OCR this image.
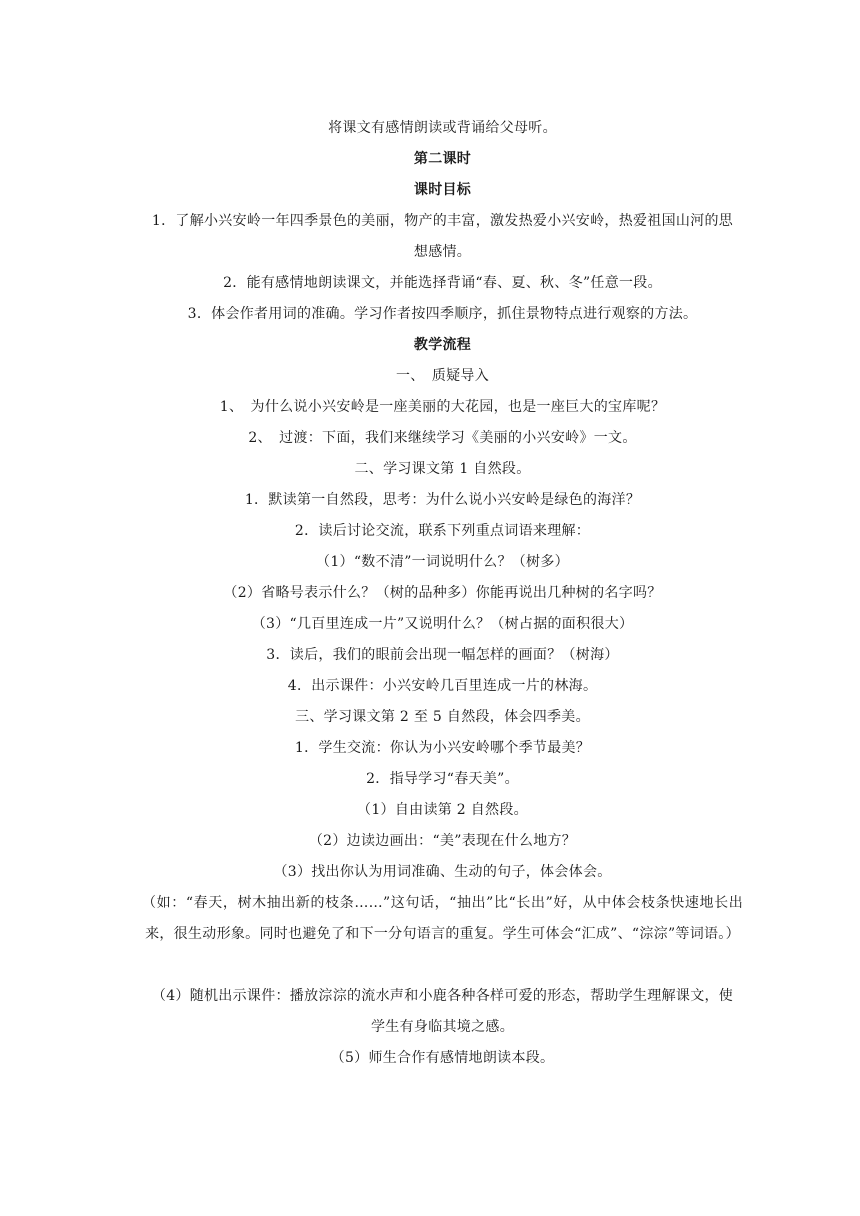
将课文有感情朗读或背诵给父母听。
第二课时
课时目标
1．了解小兴安岭一年四季景色的美丽，物产的丰富，激发热爱小兴安岭，热爱祖国山河的思想感情。
2．能有感情地朗读课文，并能选择背诵“春、夏、秋、冬”任意一段。
3．体会作者用词的准确。学习作者按四季顺序，抓住景物特点进行观察的方法。
教学流程
一、　质疑导入
1、　为什么说小兴安岭是一座美丽的大花园，也是一座巨大的宝库呢？
2、　过渡：下面，我们来继续学习《美丽的小兴安岭》一文。
二、学习课文第 1 自然段。
1．默读第一自然段，思考：为什么说小兴安岭是绿色的海洋？
2．读后讨论交流，联系下列重点词语来理解：
（1）“数不清”一词说明什么？（树多）
（2）省略号表示什么？（树的品种多）你能再说出几种树的名字吗？
（3）“几百里连成一片”又说明什么？（树占据的面积很大）
3．读后，我们的眼前会出现一幅怎样的画面？（树海）
4．出示课件：小兴安岭几百里连成一片的林海。
三、学习课文第 2 至 5 自然段，体会四季美。
1．学生交流：你认为小兴安岭哪个季节最美？
2．指导学习“春天美”。
（1）自由读第 2 自然段。
（2）边读边画出：“美”表现在什么地方？
（3）找出你认为用词准确、生动的句子，体会体会。
（如：“春天，树木抽出新的枝条……”这句话，“抽出”比“长出”好，从中体会枝条快速地长出来，很生动形象。同时也避免了和下一分句语言的重复。学生可体会“汇成”、“淙淙”等词语。）
（4）随机出示课件：播放淙淙的流水声和小鹿各种各样可爱的形态，帮助学生理解课文，使学生有身临其境之感。
（5）师生合作有感情地朗读本段。
